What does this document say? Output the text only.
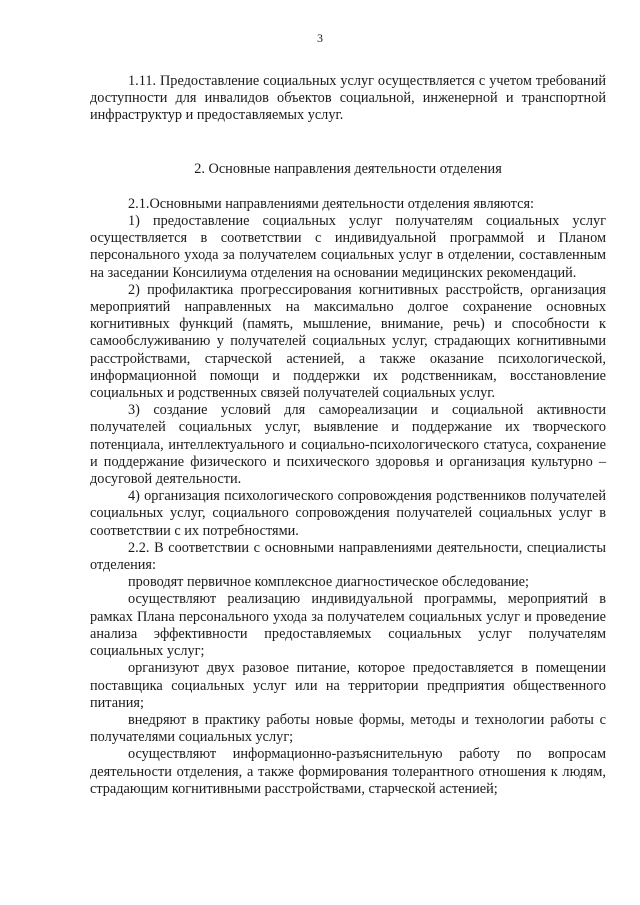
3

1.11. Предоставление социальных услуг осуществляется с учетом требований доступности для инвалидов объектов социальной, инженерной и транспортной инфраструктур и предоставляемых услуг.

2. Основные направления деятельности отделения

2.1.Основными направлениями деятельности отделения являются:

1) предоставление социальных услуг получателям социальных услуг осуществляется в соответствии с индивидуальной программой и Планом персонального ухода за получателем социальных услуг в отделении, составленным на заседании Консилиума отделения на основании медицинских рекомендаций.

2) профилактика прогрессирования когнитивных расстройств, организация мероприятий направленных на максимально долгое сохранение основных когнитивных функций (память, мышление, внимание, речь) и способности к самообслуживанию у получателей социальных услуг, страдающих когнитивными расстройствами, старческой астенией, а также оказание психологической, информационной помощи и поддержки их родственникам, восстановление социальных и родственных связей получателей социальных услуг.

3) создание условий для самореализации и социальной активности получателей социальных услуг, выявление и поддержание их творческого потенциала, интеллектуального и социально-психологического статуса, сохранение и поддержание физического и психического здоровья и организация культурно – досуговой деятельности.

4) организация психологического сопровождения родственников получателей социальных услуг, социального сопровождения получателей социальных услуг в соответствии с их потребностями.

2.2. В соответствии с основными направлениями деятельности, специалисты отделения:

проводят первичное комплексное диагностическое обследование;

осуществляют реализацию индивидуальной программы, мероприятий в рамках Плана персонального ухода за получателем социальных услуг и проведение анализа эффективности предоставляемых социальных услуг получателям социальных услуг;

организуют двух разовое питание, которое предоставляется в помещении поставщика социальных услуг или на территории предприятия общественного питания;

внедряют в практику работы новые формы, методы и технологии работы с получателями социальных услуг;

осуществляют информационно-разъяснительную работу по вопросам деятельности отделения, а также формирования толерантного отношения к людям, страдающим когнитивными расстройствами, старческой астенией;
